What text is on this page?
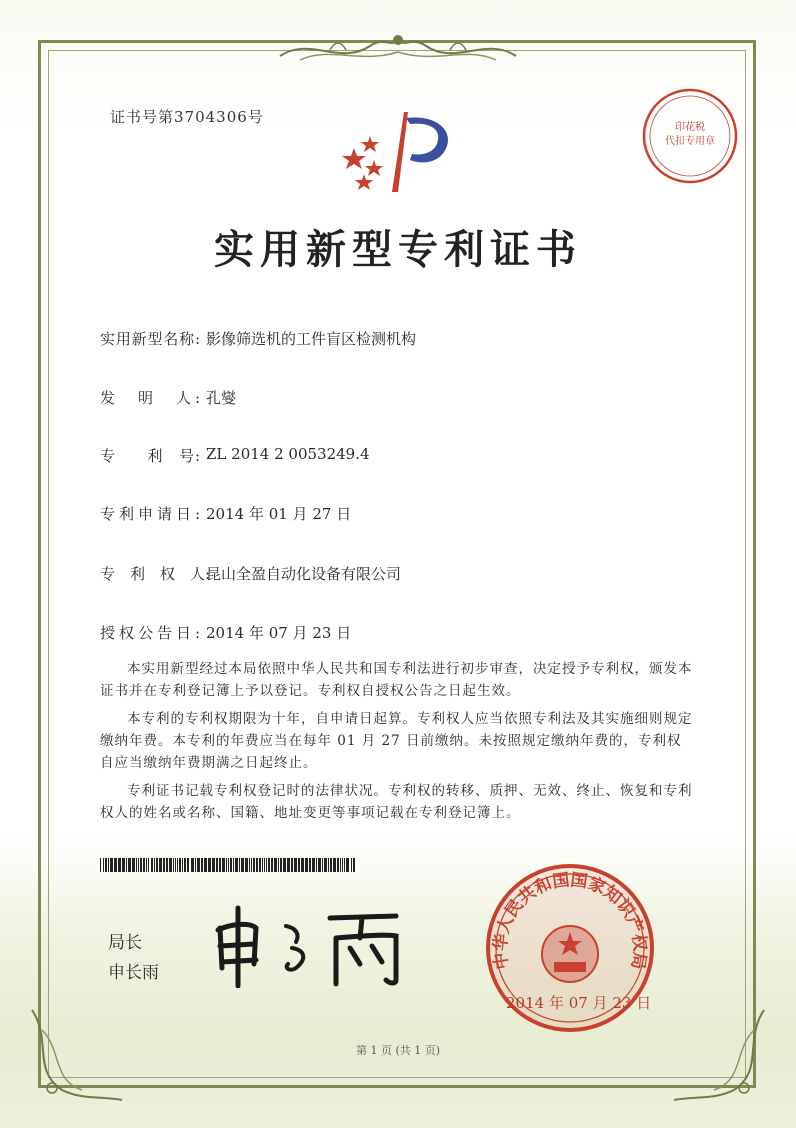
证书号第3704306号
实用新型专利证书
实用新型名称: 影像筛选机的工件盲区检测机构
发　明　人: 孔燮
专　　利　号: ZL 2014 2 0053249.4
专利申请日: 2014 年 01 月 27 日
专　利　权　人:
昆山全盈自动化设备有限公司
授权公告日: 2014 年 07 月 23 日

本实用新型经过本局依照中华人民共和国专利法进行初步审查，决定授予专利权，颁发本证书并在专利登记簿上予以登记。专利权自授权公告之日起生效。

本专利的专利权期限为十年，自申请日起算。专利权人应当依照专利法及其实施细则规定缴纳年费。本专利的年费应当在每年 01 月 27 日前缴纳。未按照规定缴纳年费的，专利权自应当缴纳年费期满之日起终止。

专利证书记载专利权登记时的法律状况。专利权的转移、质押、无效、终止、恢复和专利权人的姓名或名称、国籍、地址变更等事项记载在专利登记簿上。

局长
申长雨
中华人民共和国国家知识产权局
2014 年 07 月 23 日
印花税
代扣专用章
第 1 页 (共 1 页)
